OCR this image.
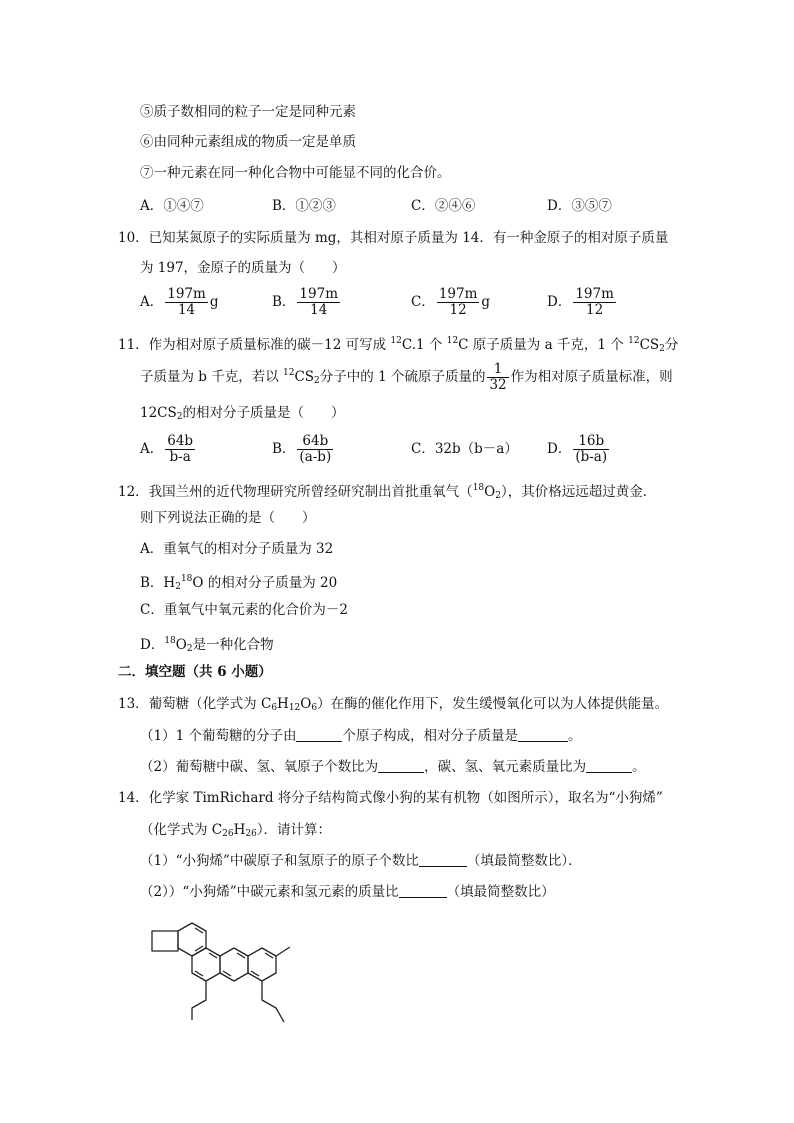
⑤质子数相同的粒子一定是同种元素
⑥由同种元素组成的物质一定是单质
⑦一种元素在同一种化合物中可能显不同的化合价。
A．①④⑦	B．①②③	C．②④⑥	D．③⑤⑦
10．已知某氮原子的实际质量为 mg，其相对原子质量为 14．有一种金原子的相对原子质量
为 197，金原子的质量为（　　）
A． $\frac{197m}{14}$ g	B． $\frac{197m}{14}$	C． $\frac{197m}{12}$ g	D． $\frac{197m}{12}$
11．作为相对原子质量标准的碳－12 可写成 $^{12}$C.1 个 $^{12}$C 原子质量为 a 千克，1 个 $^{12}CS_2$分
子质量为 b 千克，若以 $^{12}CS_2$分子中的 1 个硫原子质量的 $\frac{1}{32}$ 作为相对原子质量标准，则
$12CS_2$的相对分子质量是（　　）
A． $\frac{64b}{b-a}$	B． $\frac{64b}{(a-b)}$	C．32b（b－a） D． $\frac{16b}{(b-a)}$
12．我国兰州的近代物理研究所曾经研究制出首批重氧气$(^{18}O_2)$，其价格远远超过黄金．
则下列说法正确的是（　　）
A．重氧气的相对分子质量为 32
B．$H_2^{18}O$ 的相对分子质量为 20
C．重氧气中氧元素的化合价为－2
D．$^{18}O_2$是一种化合物
二．填空题（共 6 小题）
13．葡萄糖（化学式为 $C_6H_{12}O_6$）在酶的催化作用下，发生缓慢氧化可以为人体提供能量。
（1）1 个葡萄糖的分子由	个原子构成，相对分子质量是	。
（2）葡萄糖中碳、氢、氧原子个数比为	，碳、氢、氧元素质量比为	。
14．化学家 TimRichard 将分子结构简式像小狗的某有机物（如图所示），取名为“小狗烯”
（化学式为 $C_{26}H_{26}$）．请计算：
（1）“小狗烯”中碳原子和氢原子的原子个数比	（填最简整数比）．
（2））“小狗烯”中碳元素和氢元素的质量比	（填最简整数比）
